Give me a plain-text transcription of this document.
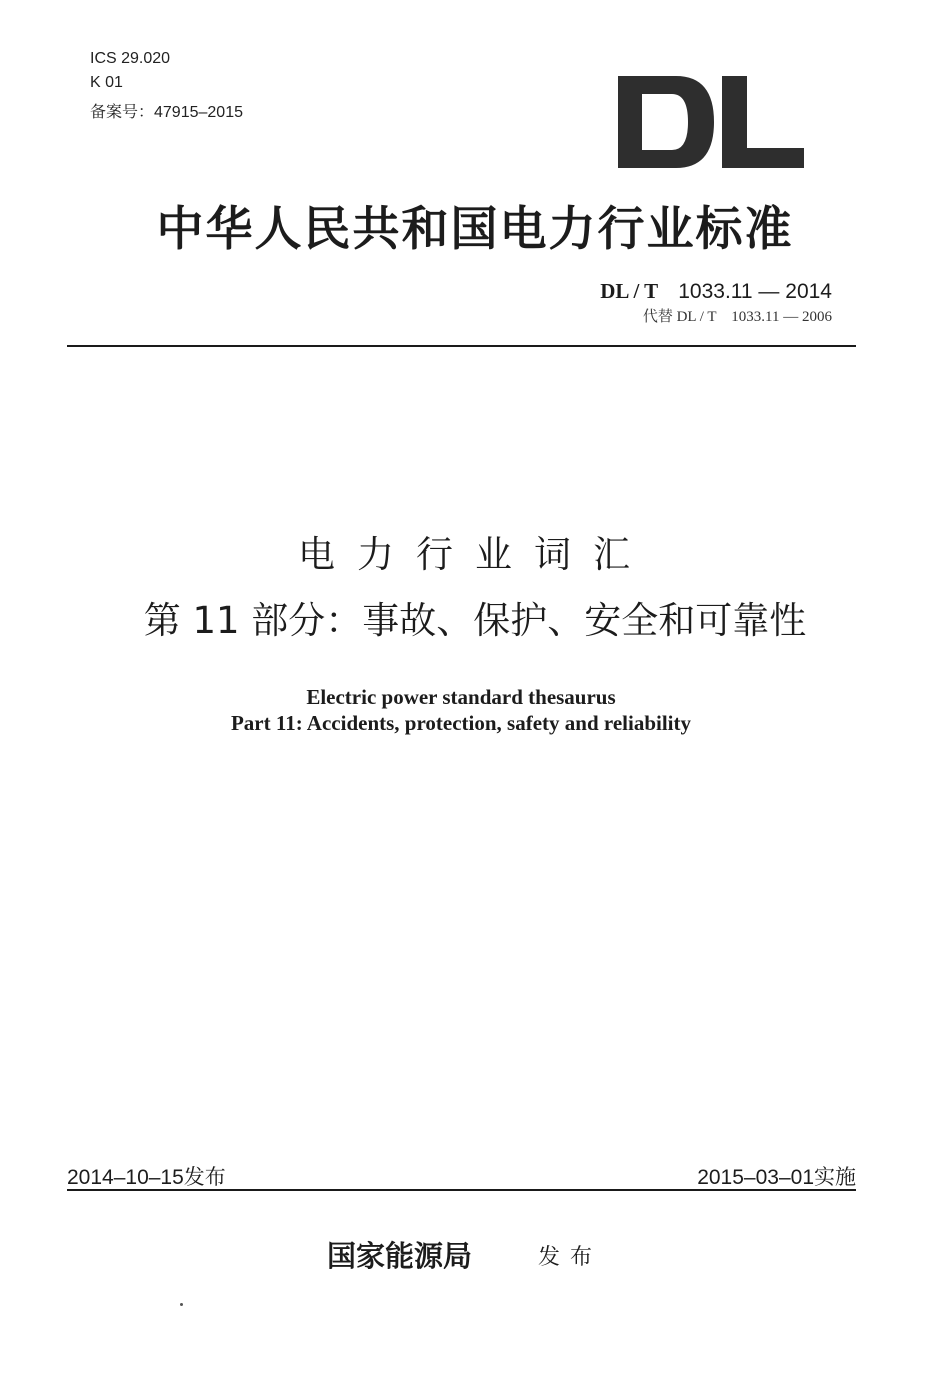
ICS 29.020
K 01
备案号：47915–2015
中华人民共和国电力行业标准
DL / T 1033.11 — 2014
代替 DL / T　1033.11 — 2006
电力行业词汇
第 11 部分：事故、保护、安全和可靠性
Electric power standard thesaurus
Part 11: Accidents, protection, safety and reliability
2014–10–15发布	2015–03–01实施
国家能源局	发布
